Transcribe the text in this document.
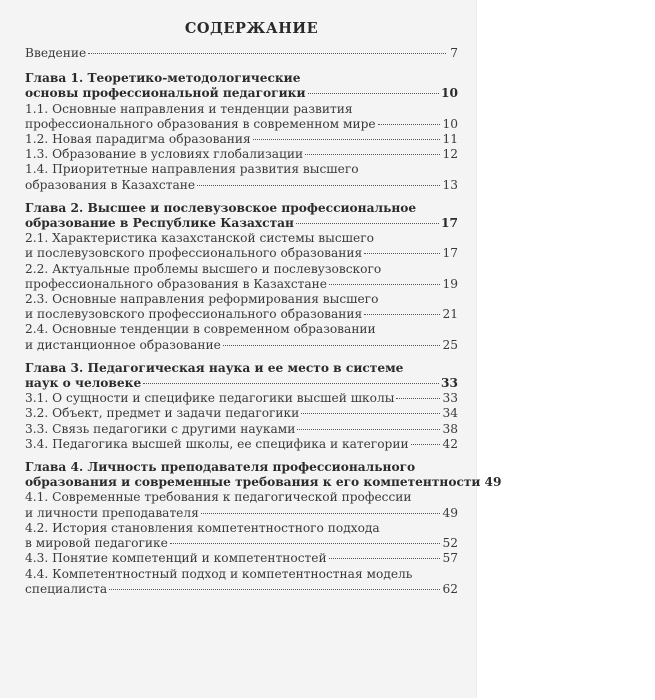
СОДЕРЖАНИЕ
Введение	7
Глава 1. Теоретико-методологические
основы профессиональной педагогики	10
1.1. Основные направления и тенденции развития
профессионального образования в современном мире	10
1.2. Новая парадигма образования	11
1.3. Образование в условиях глобализации	12
1.4. Приоритетные направления развития высшего
образования в Казахстане	13
Глава 2. Высшее и послевузовское профессиональное
образование в Республике Казахстан	17
2.1. Характеристика казахстанской системы высшего
и послевузовского профессионального образования	17
2.2. Актуальные проблемы высшего и послевузовского
профессионального образования в Казахстане	19
2.3. Основные направления реформирования высшего
и послевузовского профессионального образования	21
2.4. Основные тенденции в современном образовании
и дистанционное образование	25
Глава 3. Педагогическая наука и ее место в системе
наук о человеке	33
3.1. О сущности и специфике педагогики высшей школы	33
3.2. Объект, предмет и задачи педагогики	34
3.3. Связь педагогики с другими науками	38
3.4. Педагогика высшей школы, ее специфика и категории	42
Глава 4. Личность преподавателя профессионального
образования и современные требования к его компетентности 49
4.1. Современные требования к педагогической профессии
и личности преподавателя	49
4.2. История становления компетентностного подхода
в мировой педагогике	52
4.3. Понятие компетенций и компетентностей	57
4.4. Компетентностный подход и компетентностная модель
специалиста	62
